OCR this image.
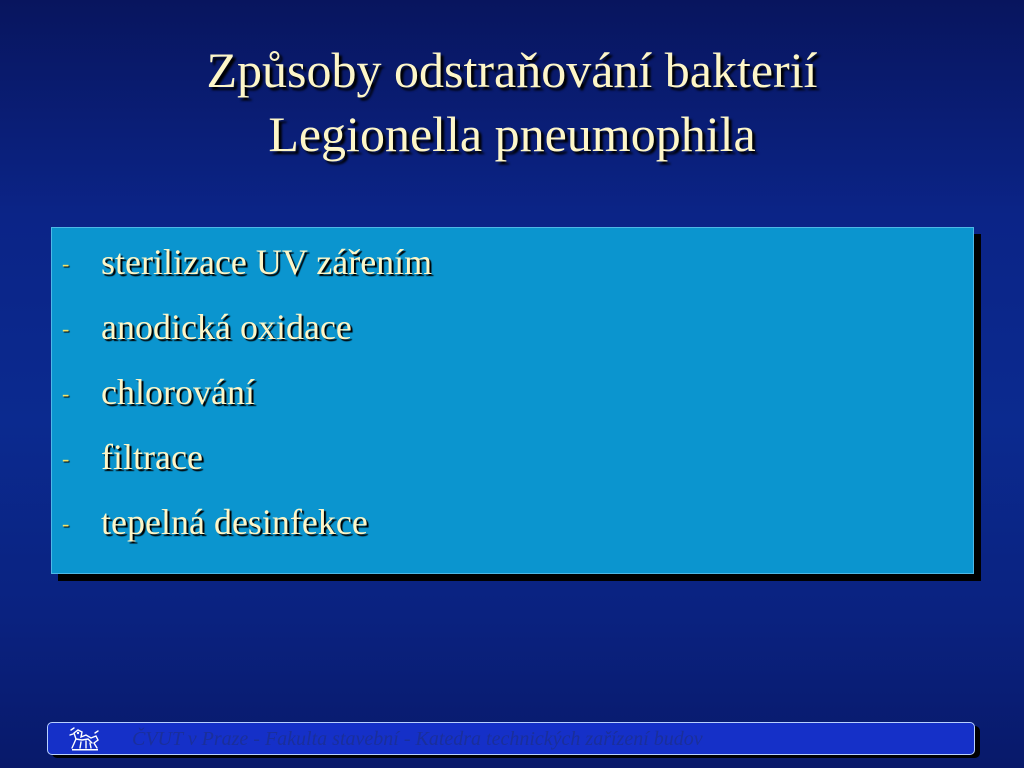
Způsoby odstraňování bakterií
Legionella pneumophila
- sterilizace UV zářením
- anodická oxidace
- chlorování
- filtrace
- tepelná desinfekce
ČVUT v Praze - Fakulta stavební - Katedra technických zařízení budov
